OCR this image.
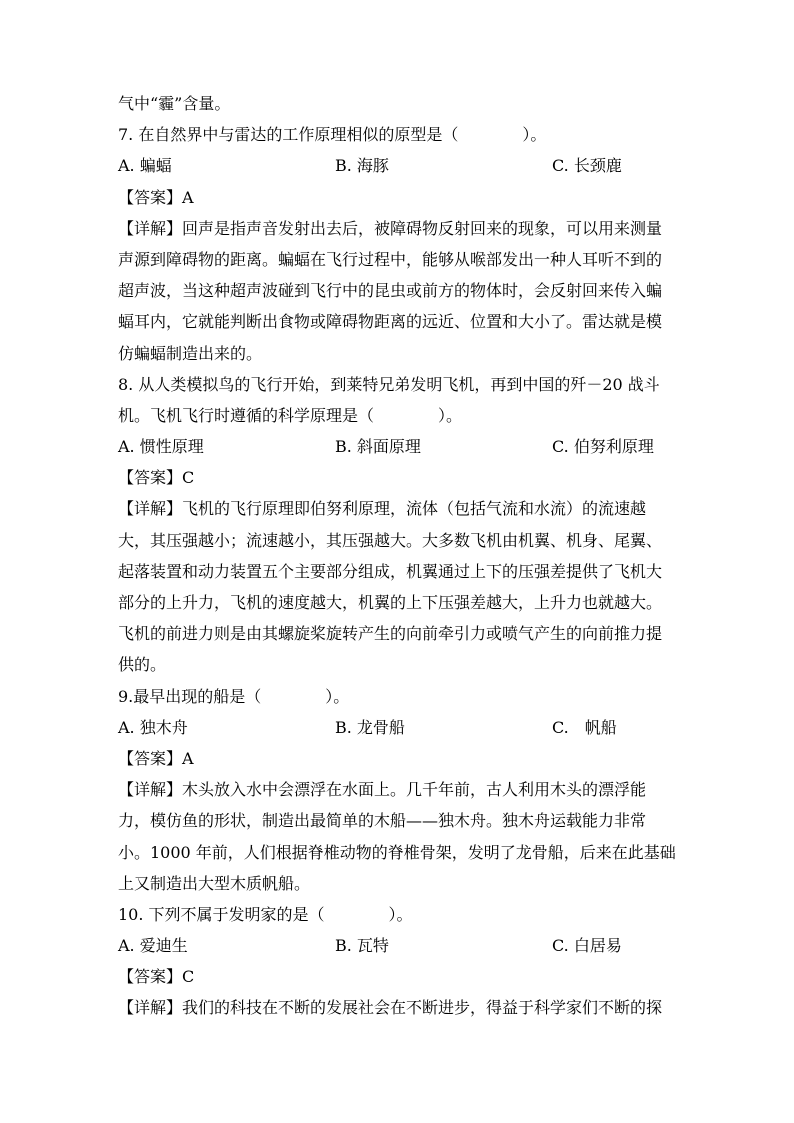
气中“霾”含量。
7. 在自然界中与雷达的工作原理相似的原型是（　　　　）。
A. 蝙蝠	B. 海豚	C. 长颈鹿
【答案】A
【详解】回声是指声音发射出去后，被障碍物反射回来的现象，可以用来测量
声源到障碍物的距离。蝙蝠在飞行过程中，能够从喉部发出一种人耳听不到的
超声波，当这种超声波碰到飞行中的昆虫或前方的物体时，会反射回来传入蝙
蝠耳内，它就能判断出食物或障碍物距离的远近、位置和大小了。雷达就是模
仿蝙蝠制造出来的。
8. 从人类模拟鸟的飞行开始，到莱特兄弟发明飞机，再到中国的歼－20 战斗
机。飞机飞行时遵循的科学原理是（　　　　）。
A. 惯性原理	B. 斜面原理	C. 伯努利原理
【答案】C
【详解】飞机的飞行原理即伯努利原理，流体（包括气流和水流）的流速越
大，其压强越小；流速越小，其压强越大。大多数飞机由机翼、机身、尾翼、
起落装置和动力装置五个主要部分组成，机翼通过上下的压强差提供了飞机大
部分的上升力，飞机的速度越大，机翼的上下压强差越大，上升力也就越大。
飞机的前进力则是由其螺旋桨旋转产生的向前牵引力或喷气产生的向前推力提
供的。
9.最早出现的船是（　　　　）。
A. 独木舟	B. 龙骨船	C.　帆船
【答案】A
【详解】木头放入水中会漂浮在水面上。几千年前，古人利用木头的漂浮能
力，模仿鱼的形状，制造出最简单的木船——独木舟。独木舟运载能力非常
小。1000 年前，人们根据脊椎动物的脊椎骨架，发明了龙骨船，后来在此基础
上又制造出大型木质帆船。
10. 下列不属于发明家的是（　　　　）。
A. 爱迪生	B. 瓦特	C. 白居易
【答案】C
【详解】我们的科技在不断的发展社会在不断进步，得益于科学家们不断的探
